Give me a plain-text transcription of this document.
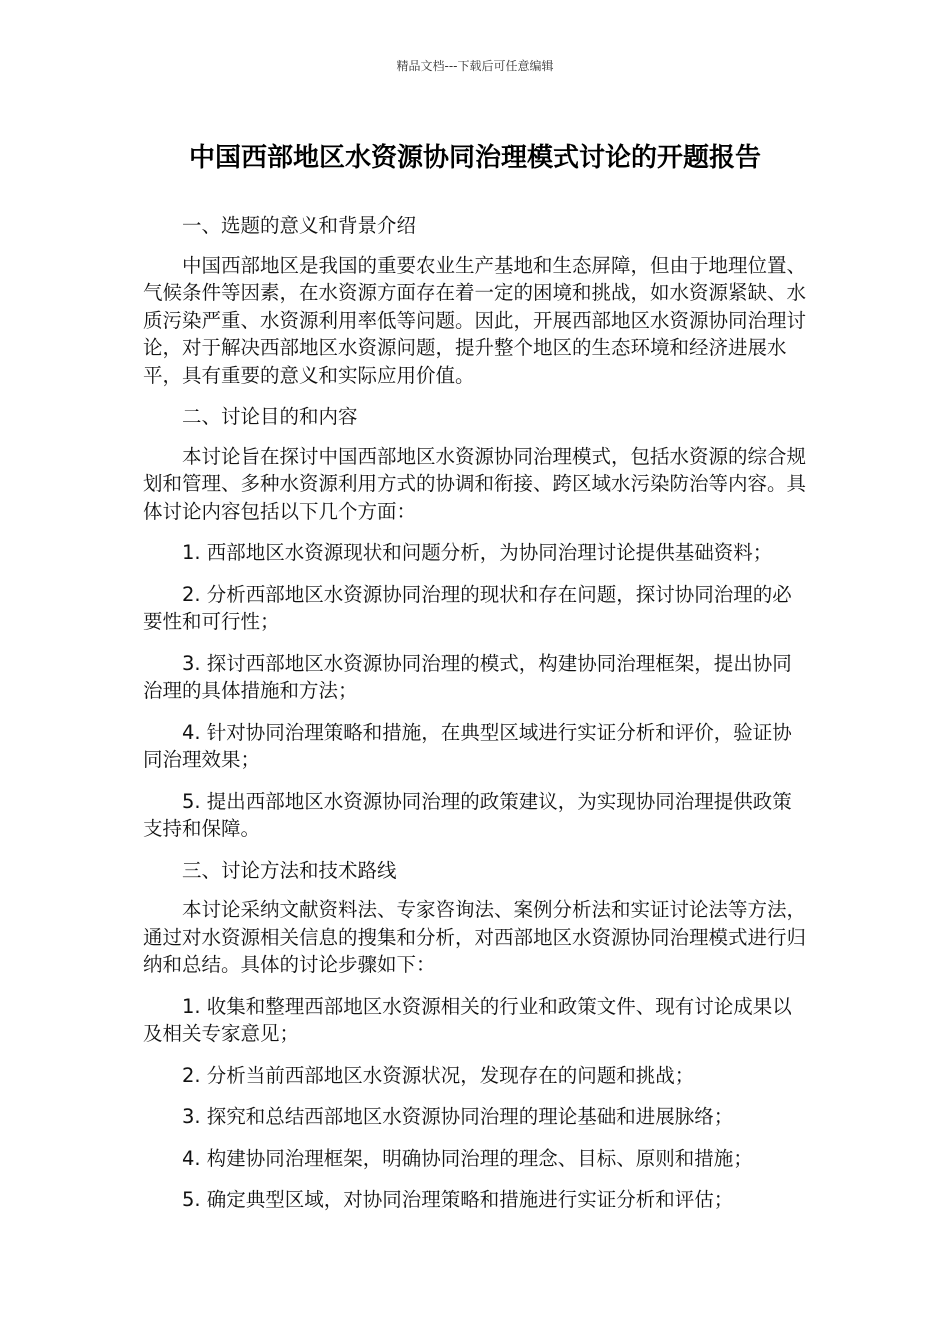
精品文档---下载后可任意编辑
中国西部地区水资源协同治理模式讨论的开题报告

一、选题的意义和背景介绍

中国西部地区是我国的重要农业生产基地和生态屏障，但由于地理位置、气候条件等因素，在水资源方面存在着一定的困境和挑战，如水资源紧缺、水质污染严重、水资源利用率低等问题。因此，开展西部地区水资源协同治理讨论，对于解决西部地区水资源问题，提升整个地区的生态环境和经济进展水平，具有重要的意义和实际应用价值。

二、讨论目的和内容

本讨论旨在探讨中国西部地区水资源协同治理模式，包括水资源的综合规划和管理、多种水资源利用方式的协调和衔接、跨区域水污染防治等内容。具体讨论内容包括以下几个方面：

1. 西部地区水资源现状和问题分析，为协同治理讨论提供基础资料；

2. 分析西部地区水资源协同治理的现状和存在问题，探讨协同治理的必要性和可行性；

3. 探讨西部地区水资源协同治理的模式，构建协同治理框架，提出协同治理的具体措施和方法；

4. 针对协同治理策略和措施，在典型区域进行实证分析和评价，验证协同治理效果；

5. 提出西部地区水资源协同治理的政策建议，为实现协同治理提供政策支持和保障。

三、讨论方法和技术路线

本讨论采纳文献资料法、专家咨询法、案例分析法和实证讨论法等方法，通过对水资源相关信息的搜集和分析，对西部地区水资源协同治理模式进行归纳和总结。具体的讨论步骤如下：

1. 收集和整理西部地区水资源相关的行业和政策文件、现有讨论成果以及相关专家意见；

2. 分析当前西部地区水资源状况，发现存在的问题和挑战；

3. 探究和总结西部地区水资源协同治理的理论基础和进展脉络；

4. 构建协同治理框架，明确协同治理的理念、目标、原则和措施；

5. 确定典型区域，对协同治理策略和措施进行实证分析和评估；
